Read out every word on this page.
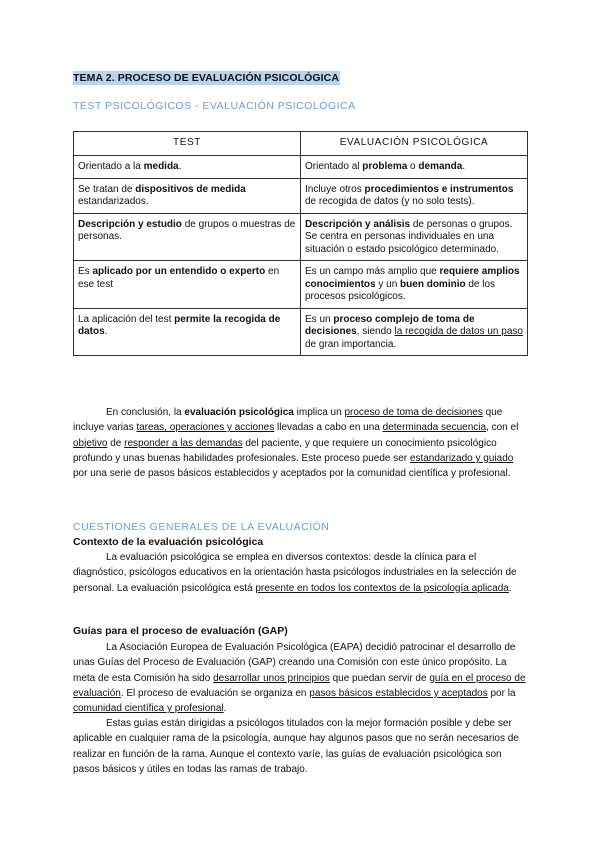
TEMA 2. PROCESO DE EVALUACIÓN PSICOLÓGICA
TEST PSICOLÓGICOS - EVALUACIÓN PSICOLÓGICA
TEST	EVALUACIÓN PSICOLÓGICA
Orientado a la medida.	Orientado al problema o demanda.
Se tratan de dispositivos de medida estandarizados.	Incluye otros procedimientos e instrumentos de recogida de datos (y no solo tests).
Descripción y estudio de grupos o muestras de personas.	Descripción y análisis de personas o grupos. Se centra en personas individuales en una situación o estado psicológico determinado.
Es aplicado por un entendido o experto en ese test	Es un campo más amplio que requiere amplios conocimientos y un buen dominio de los procesos psicológicos.
La aplicación del test permite la recogida de datos.	Es un proceso complejo de toma de decisiones, siendo la recogida de datos un paso de gran importancia.

En conclusión, la evaluación psicológica implica un proceso de toma de decisiones que incluye varias tareas, operaciones y acciones llevadas a cabo en una determinada secuencia, con el objetivo de responder a las demandas del paciente, y que requiere un conocimiento psicológico profundo y unas buenas habilidades profesionales. Este proceso puede ser estandarizado y guiado por una serie de pasos básicos establecidos y aceptados por la comunidad científica y profesional.

CUESTIONES GENERALES DE LA EVALUACIÓN

Contexto de la evaluación psicológica

La evaluación psicológica se emplea en diversos contextos: desde la clínica para el diagnóstico, psicólogos educativos en la orientación hasta psicólogos industriales en la selección de personal. La evaluación psicológica está presente en todos los contextos de la psicología aplicada.

Guías para el proceso de evaluación (GAP)

La Asociación Europea de Evaluación Psicológica (EAPA) decidió patrocinar el desarrollo de unas Guías del Proceso de Evaluación (GAP) creando una Comisión con este único propósito. La meta de esta Comisión ha sido desarrollar unos principios que puedan servir de guía en el proceso de evaluación. El proceso de evaluación se organiza en pasos básicos establecidos y aceptados por la comunidad científica y profesional.

Estas guías están dirigidas a psicólogos titulados con la mejor formación posible y debe ser aplicable en cualquier rama de la psicología, aunque hay algunos pasos que no serán necesarios de realizar en función de la rama. Aunque el contexto varíe, las guías de evaluación psicológica son pasos básicos y útiles en todas las ramas de trabajo.
